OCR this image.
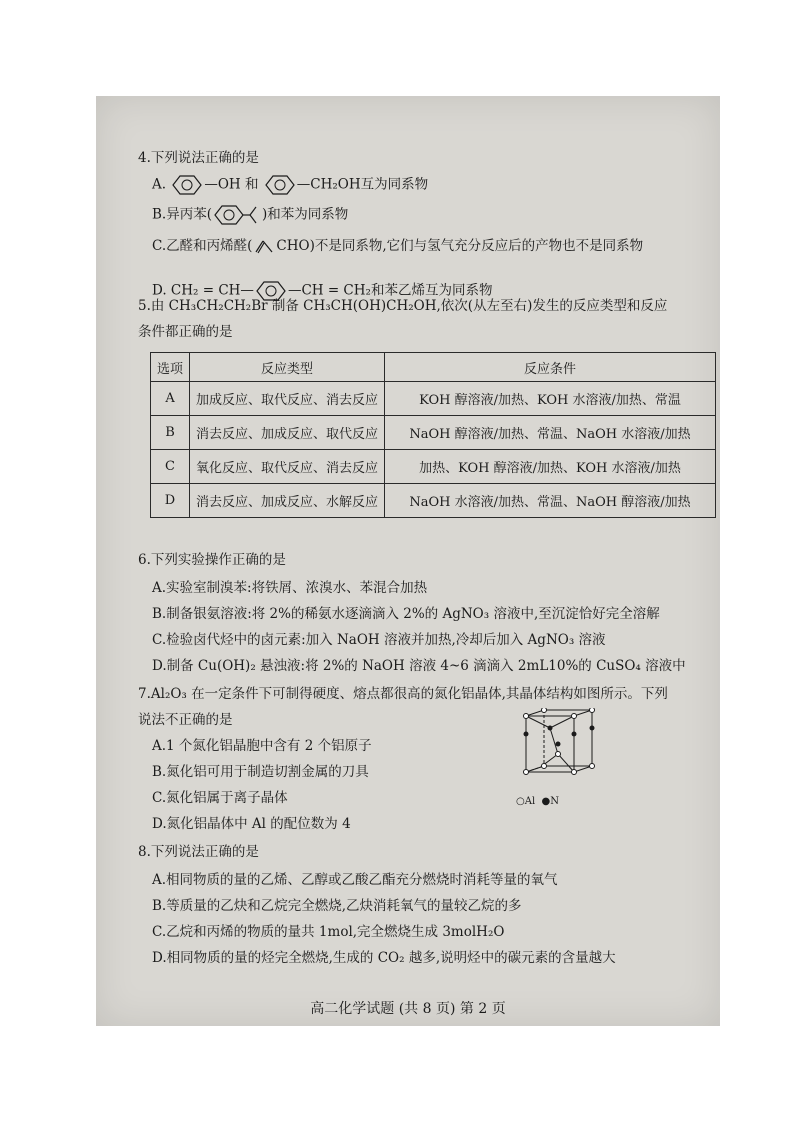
4.下列说法正确的是
A.	—OH 和	—CH₂OH互为同系物
B.异丙苯(	)和苯为同系物
C.乙醛和丙烯醛( CHO)不是同系物,它们与氢气充分反应后的产物也不是同系物
D. CH₂ = CH—	—CH = CH₂和苯乙烯互为同系物
5.由 CH₃CH₂CH₂Br 制备 CH₃CH(OH)CH₂OH,依次(从左至右)发生的反应类型和反应
条件都正确的是
选项	反应类型	反应条件
A	加成反应、取代反应、消去反应	KOH 醇溶液/加热、KOH 水溶液/加热、常温
B	消去反应、加成反应、取代反应	NaOH 醇溶液/加热、常温、NaOH 水溶液/加热
C	氧化反应、取代反应、消去反应	加热、KOH 醇溶液/加热、KOH 水溶液/加热
D	消去反应、加成反应、水解反应	NaOH 水溶液/加热、常温、NaOH 醇溶液/加热
6.下列实验操作正确的是
A.实验室制溴苯:将铁屑、浓溴水、苯混合加热
B.制备银氨溶液:将 2%的稀氨水逐滴滴入 2%的 AgNO₃ 溶液中,至沉淀恰好完全溶解
C.检验卤代烃中的卤元素:加入 NaOH 溶液并加热,冷却后加入 AgNO₃ 溶液
D.制备 Cu(OH)₂ 悬浊液:将 2%的 NaOH 溶液 4~6 滴滴入 2mL10%的 CuSO₄ 溶液中
7.Al₂O₃ 在一定条件下可制得硬度、熔点都很高的氮化铝晶体,其晶体结构如图所示。下列
说法不正确的是
A.1 个氮化铝晶胞中含有 2 个铝原子
B.氮化铝可用于制造切割金属的刀具
C.氮化铝属于离子晶体
D.氮化铝晶体中 Al 的配位数为 4
○Al ●N
8.下列说法正确的是
A.相同物质的量的乙烯、乙醇或乙酸乙酯充分燃烧时消耗等量的氧气
B.等质量的乙炔和乙烷完全燃烧,乙炔消耗氧气的量较乙烷的多
C.乙烷和丙烯的物质的量共 1mol,完全燃烧生成 3molH₂O
D.相同物质的量的烃完全燃烧,生成的 CO₂ 越多,说明烃中的碳元素的含量越大
高二化学试题 (共 8 页) 第 2 页
